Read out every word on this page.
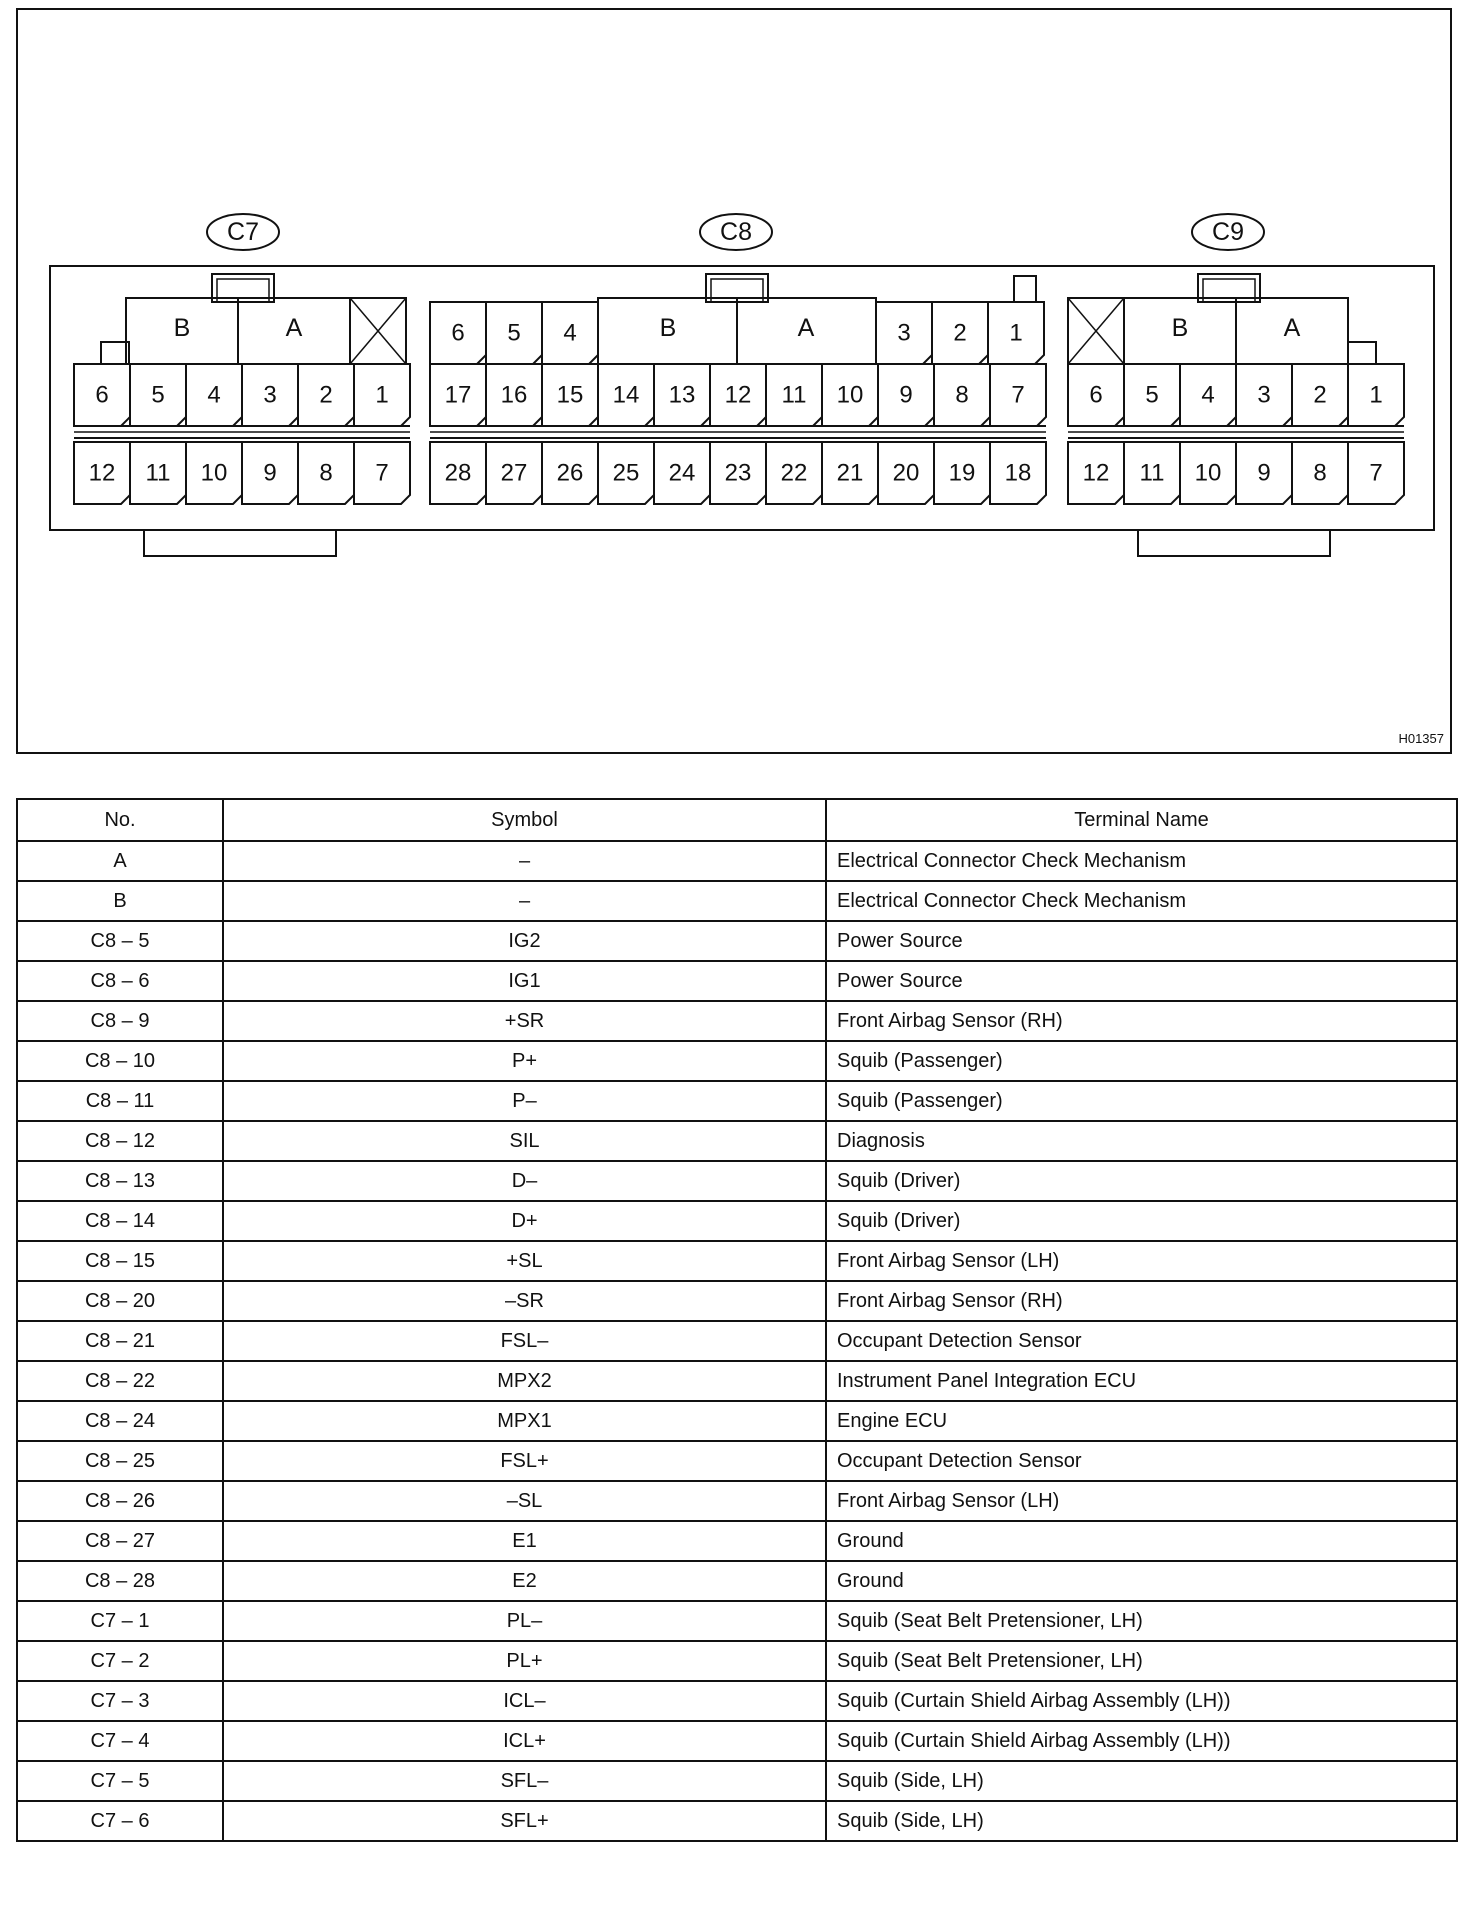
C7
B	A
6 5 4 3 2 1
12 11 10 9 8 7
C8
6 5 4	B	A	3 2 1
17 16 15 14 13 12 11 10 9 8 7
28 27 26 25 24 23 22 21 20 19 18
C9
B	A
6 5 4 3 2 1
12 11 10 9 8 7
H01357
No.	Symbol	Terminal Name
A	–	Electrical Connector Check Mechanism
B	–	Electrical Connector Check Mechanism
C8 – 5	IG2	Power Source
C8 – 6	IG1	Power Source
C8 – 9	+SR	Front Airbag Sensor (RH)
C8 – 10	P+	Squib (Passenger)
C8 – 11	P–	Squib (Passenger)
C8 – 12	SIL	Diagnosis
C8 – 13	D–	Squib (Driver)
C8 – 14	D+	Squib (Driver)
C8 – 15	+SL	Front Airbag Sensor (LH)
C8 – 20	–SR	Front Airbag Sensor (RH)
C8 – 21	FSL–	Occupant Detection Sensor
C8 – 22	MPX2	Instrument Panel Integration ECU
C8 – 24	MPX1	Engine ECU
C8 – 25	FSL+	Occupant Detection Sensor
C8 – 26	–SL	Front Airbag Sensor (LH)
C8 – 27	E1	Ground
C8 – 28	E2	Ground
C7 – 1	PL–	Squib (Seat Belt Pretensioner, LH)
C7 – 2	PL+	Squib (Seat Belt Pretensioner, LH)
C7 – 3	ICL–	Squib (Curtain Shield Airbag Assembly (LH))
C7 – 4	ICL+	Squib (Curtain Shield Airbag Assembly (LH))
C7 – 5	SFL–	Squib (Side, LH)
C7 – 6	SFL+	Squib (Side, LH)
